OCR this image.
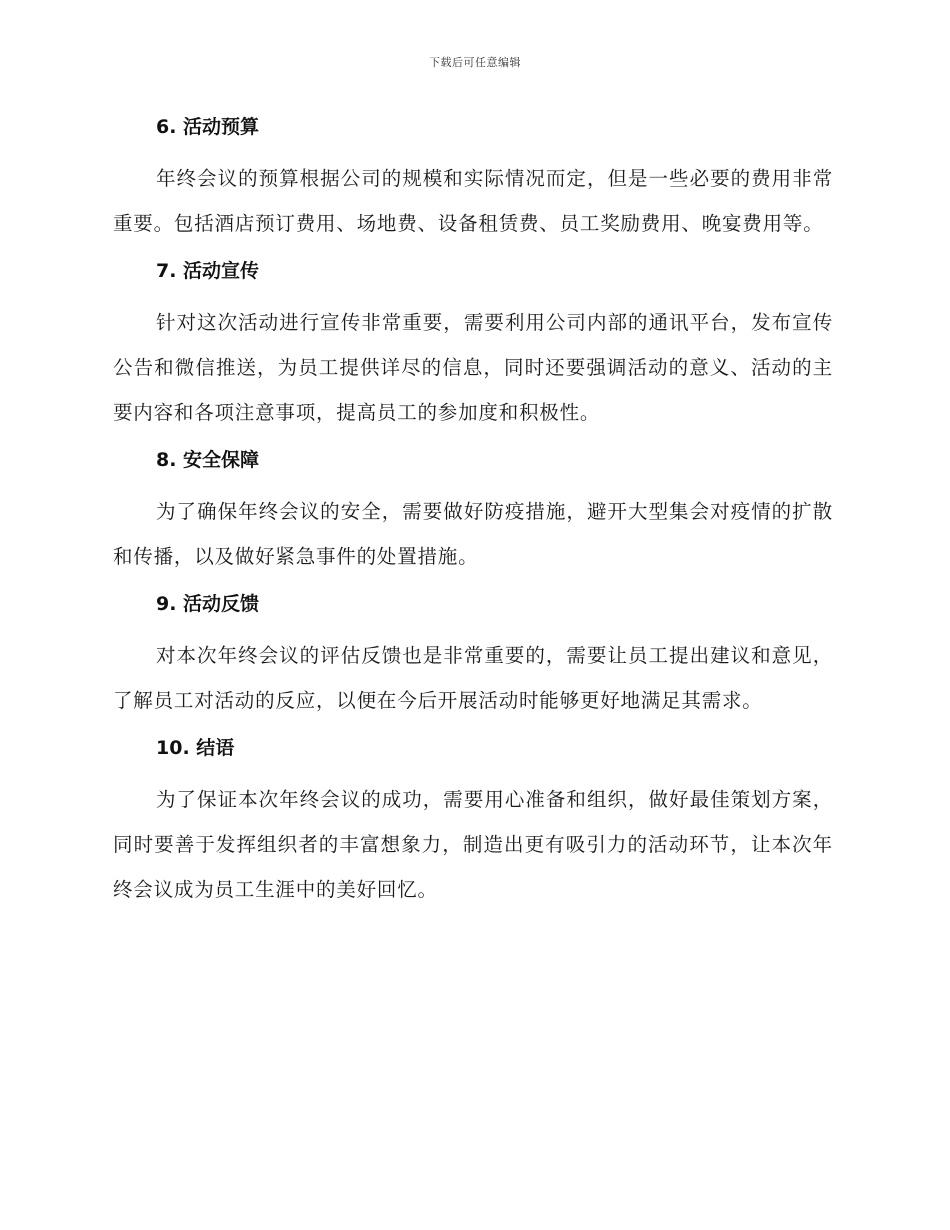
下载后可任意编辑
6. 活动预算

年终会议的预算根据公司的规模和实际情况而定，但是一些必要的费用非常重要。包括酒店预订费用、场地费、设备租赁费、员工奖励费用、晚宴费用等。

7. 活动宣传

针对这次活动进行宣传非常重要，需要利用公司内部的通讯平台，发布宣传公告和微信推送，为员工提供详尽的信息，同时还要强调活动的意义、活动的主要内容和各项注意事项，提高员工的参加度和积极性。

8. 安全保障

为了确保年终会议的安全，需要做好防疫措施，避开大型集会对疫情的扩散和传播，以及做好紧急事件的处置措施。

9. 活动反馈

对本次年终会议的评估反馈也是非常重要的，需要让员工提出建议和意见，了解员工对活动的反应，以便在今后开展活动时能够更好地满足其需求。

10. 结语

为了保证本次年终会议的成功，需要用心准备和组织，做好最佳策划方案，同时要善于发挥组织者的丰富想象力，制造出更有吸引力的活动环节，让本次年终会议成为员工生涯中的美好回忆。
